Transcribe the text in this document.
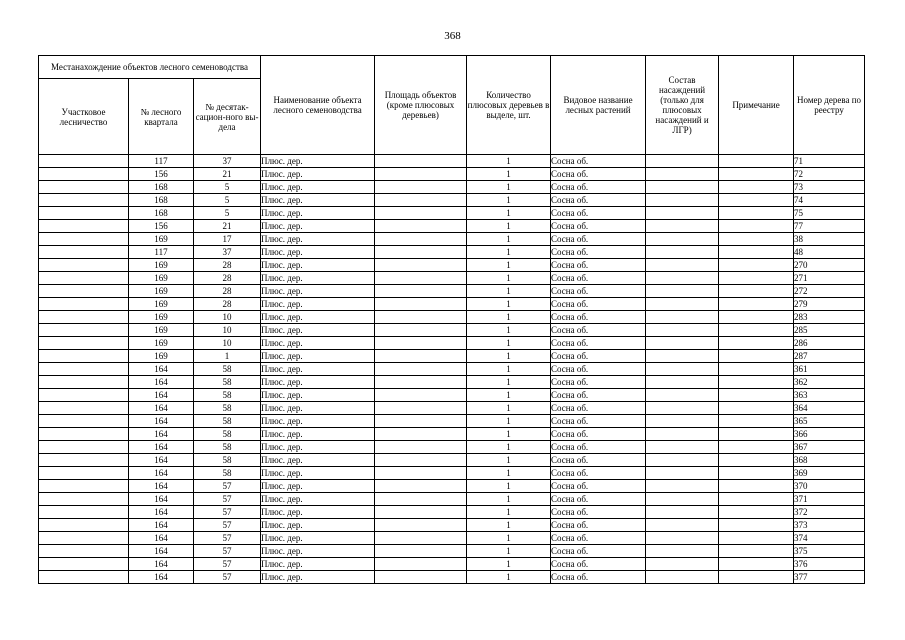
368
Местанахождение объектов лесного семеноводства			Наименование объекта лесного семеноводства	Площадь объектов (кроме плюсовых деревьев)	Количество плюсовых деревьев в выделе, шт.	Видовое название лесных растений	Состав насаждений (только для плюсовых насаждений и ЛГР)	Примечание	Номер дерева по реестру
Участковое лесничество	№ лесного квартала	№ десятак-сацион-ного вы-дела							
	117	37	Плюс. дер.		1	Сосна об.			71
	156	21	Плюс. дер.		1	Сосна об.			72
	168	5	Плюс. дер.		1	Сосна об.			73
	168	5	Плюс. дер.		1	Сосна об.			74
	168	5	Плюс. дер.		1	Сосна об.			75
	156	21	Плюс. дер.		1	Сосна об.			77
	169	17	Плюс. дер.		1	Сосна об.			38
	117	37	Плюс. дер.		1	Сосна об.			48
	169	28	Плюс. дер.		1	Сосна об.			270
	169	28	Плюс. дер.		1	Сосна об.			271
	169	28	Плюс. дер.		1	Сосна об.			272
	169	28	Плюс. дер.		1	Сосна об.			279
	169	10	Плюс. дер.		1	Сосна об.			283
	169	10	Плюс. дер.		1	Сосна об.			285
	169	10	Плюс. дер.		1	Сосна об.			286
	169	1	Плюс. дер.		1	Сосна об.			287
	164	58	Плюс. дер.		1	Сосна об.			361
	164	58	Плюс. дер.		1	Сосна об.			362
	164	58	Плюс. дер.		1	Сосна об.			363
	164	58	Плюс. дер.		1	Сосна об.			364
	164	58	Плюс. дер.		1	Сосна об.			365
	164	58	Плюс. дер.		1	Сосна об.			366
	164	58	Плюс. дер.		1	Сосна об.			367
	164	58	Плюс. дер.		1	Сосна об.			368
	164	58	Плюс. дер.		1	Сосна об.			369
	164	57	Плюс. дер.		1	Сосна об.			370
	164	57	Плюс. дер.		1	Сосна об.			371
	164	57	Плюс. дер.		1	Сосна об.			372
	164	57	Плюс. дер.		1	Сосна об.			373
	164	57	Плюс. дер.		1	Сосна об.			374
	164	57	Плюс. дер.		1	Сосна об.			375
	164	57	Плюс. дер.		1	Сосна об.			376
	164	57	Плюс. дер.		1	Сосна об.			377
